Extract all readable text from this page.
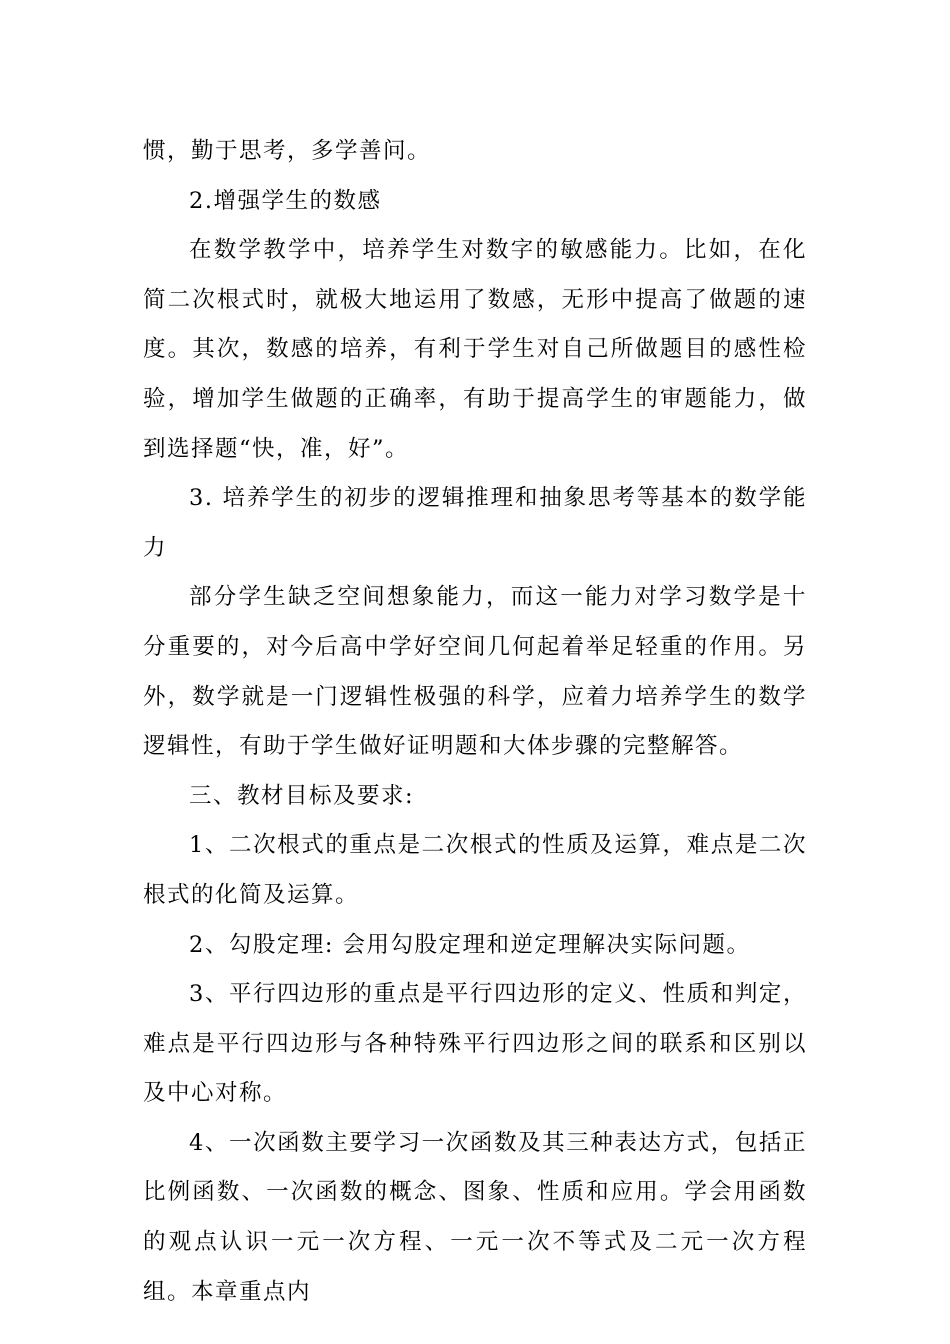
惯，勤于思考，多学善问。

2.增强学生的数感

在数学教学中，培养学生对数字的敏感能力。比如，在化简二次根式时，就极大地运用了数感，无形中提高了做题的速度。其次，数感的培养，有利于学生对自己所做题目的感性检验，增加学生做题的正确率，有助于提高学生的审题能力，做到选择题“快，准，好”。

3. 培养学生的初步的逻辑推理和抽象思考等基本的数学能力

部分学生缺乏空间想象能力，而这一能力对学习数学是十分重要的，对今后高中学好空间几何起着举足轻重的作用。另外，数学就是一门逻辑性极强的科学，应着力培养学生的数学逻辑性，有助于学生做好证明题和大体步骤的完整解答。

三、教材目标及要求:

1、二次根式的重点是二次根式的性质及运算，难点是二次根式的化简及运算。

2、勾股定理: 会用勾股定理和逆定理解决实际问题。

3、平行四边形的重点是平行四边形的定义、性质和判定，难点是平行四边形与各种特殊平行四边形之间的联系和区别以及中心对称。

4、一次函数主要学习一次函数及其三种表达方式，包括正比例函数、一次函数的概念、图象、性质和应用。学会用函数的观点认识一元一次方程、一元一次不等式及二元一次方程组。本章重点内
